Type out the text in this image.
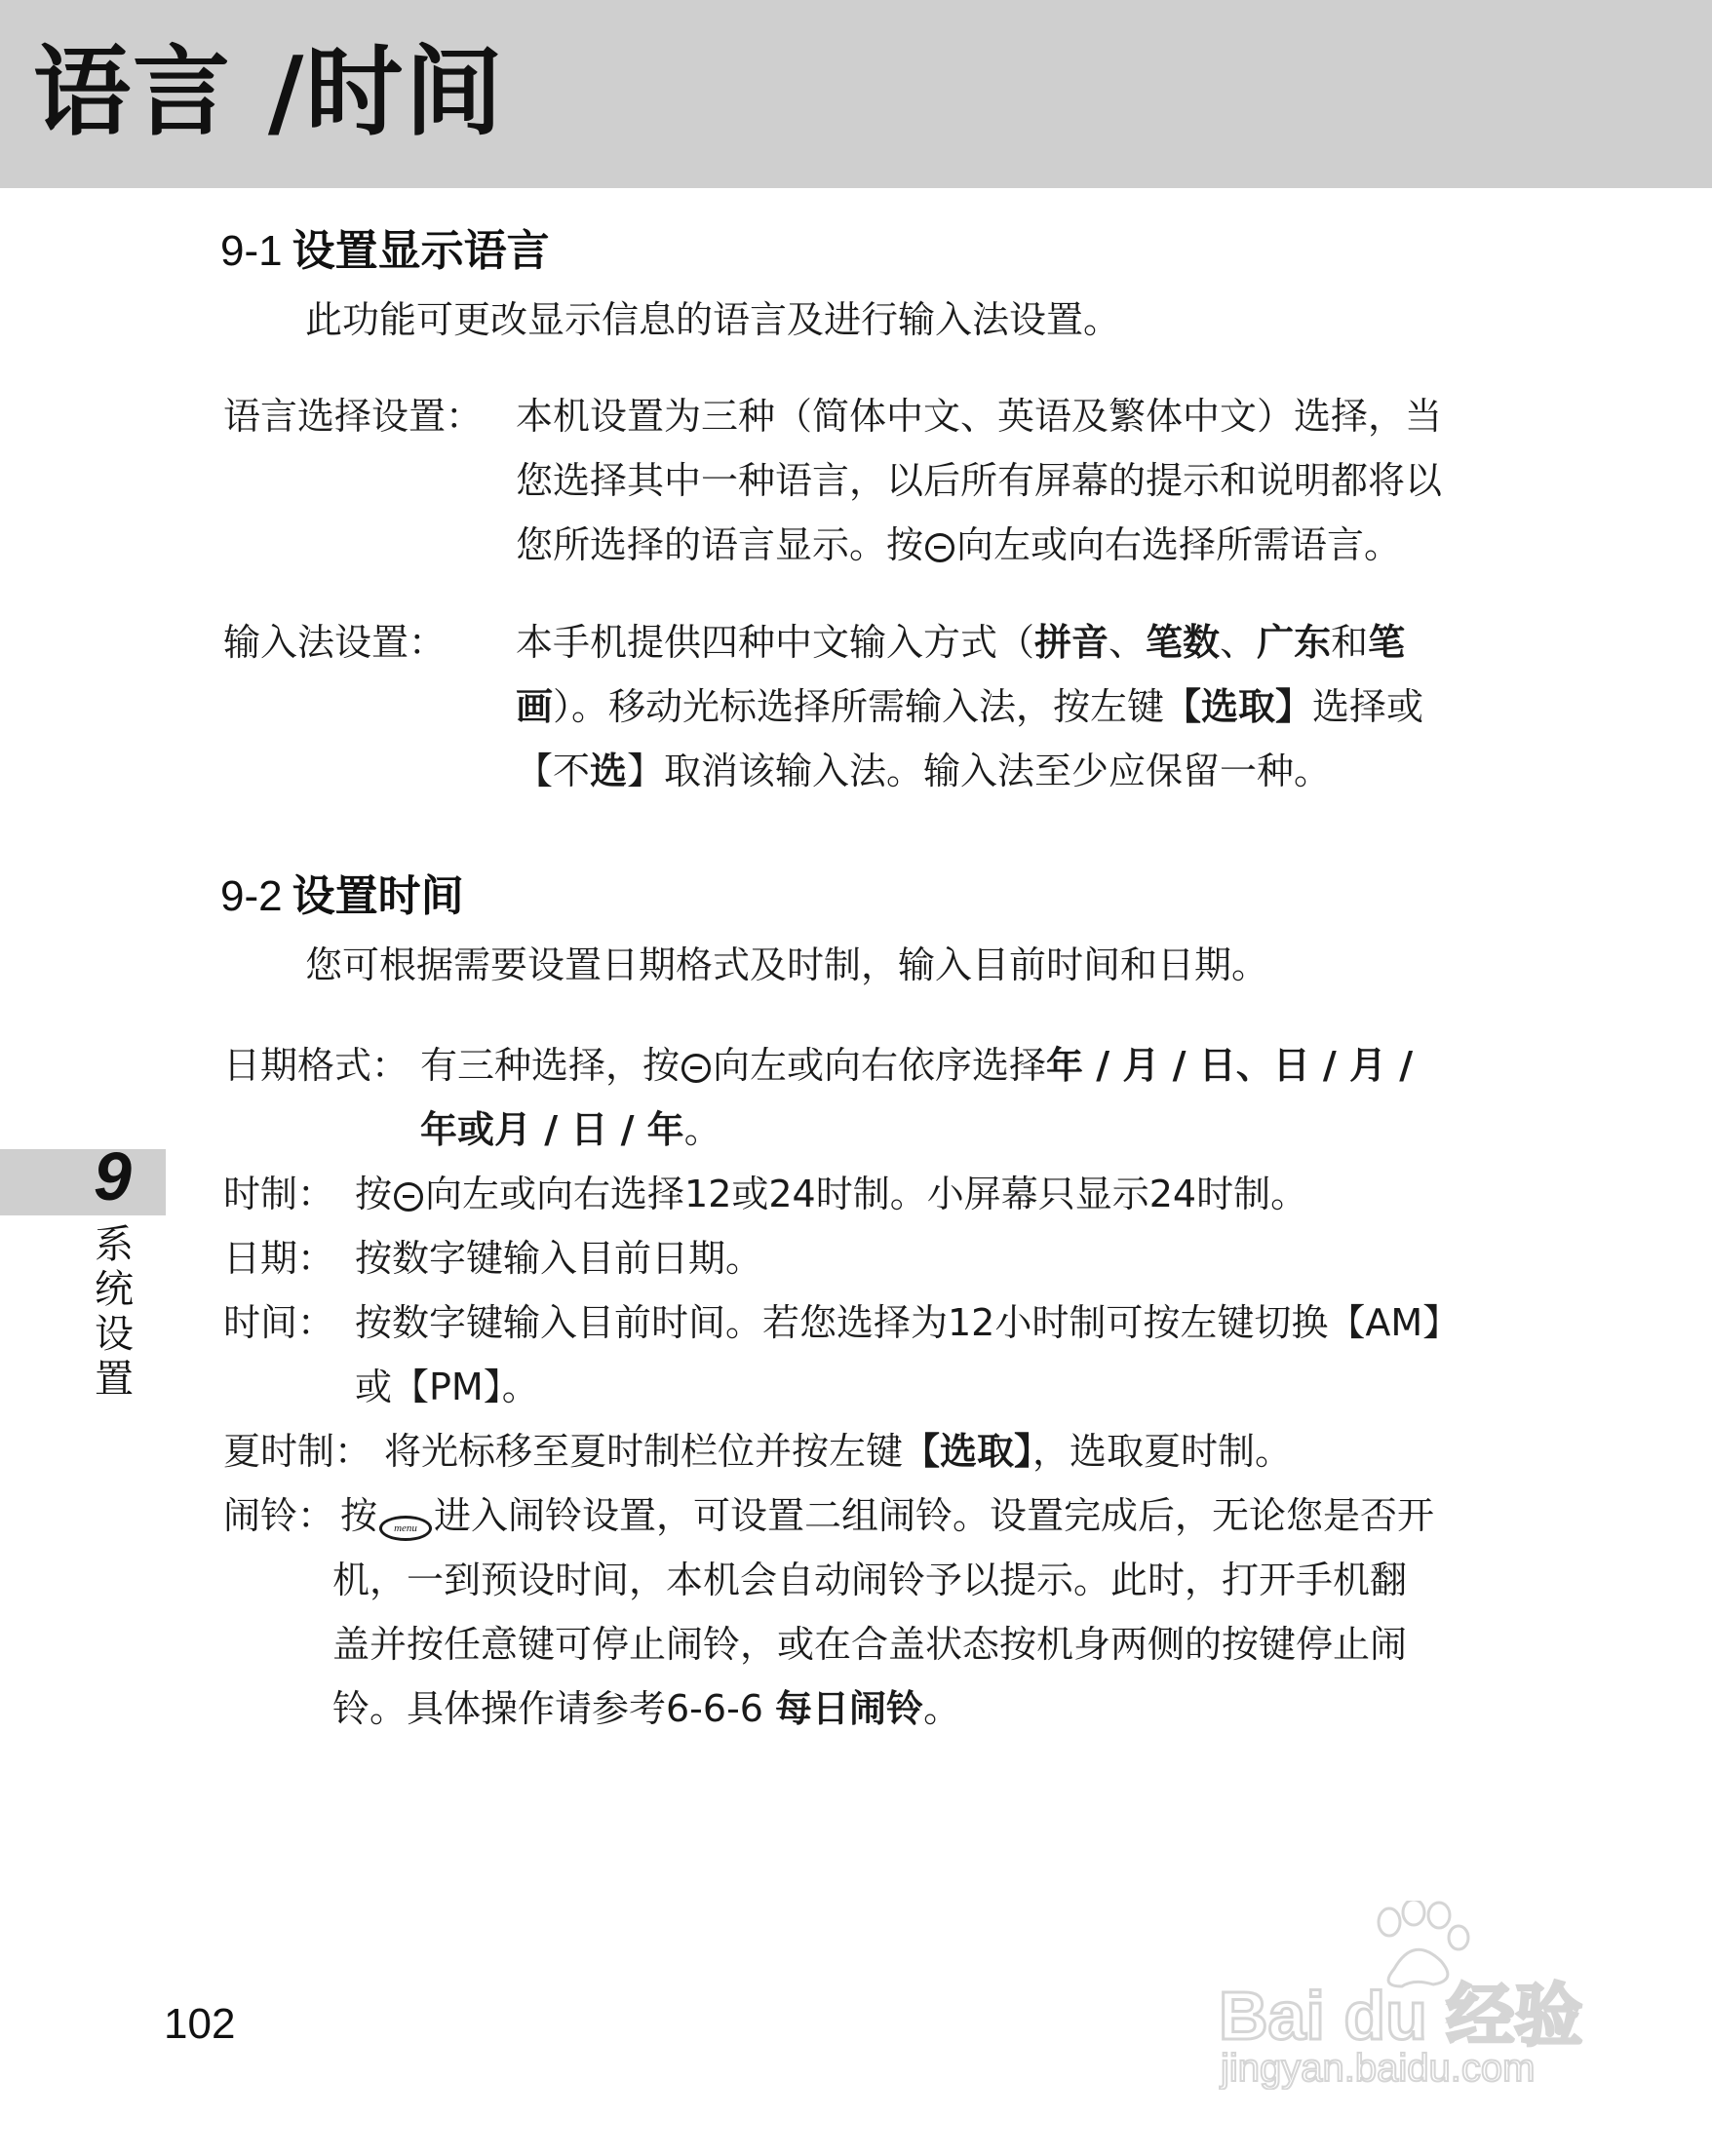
语言 /时间
9-1 设置显示语言
此功能可更改显示信息的语言及进行输入法设置。
语言选择设置： 本机设置为三种（简体中文、英语及繁体中文）选择，当
您选择其中一种语言，以后所有屏幕的提示和说明都将以
您所选择的语言显示。按 向左或向右选择所需语言。
输入法设置： 本手机提供四种中文输入方式（拼音、笔数、广东和笔
画）。移动光标选择所需输入法，按左键【选取】选择或
【不选】取消该输入法。输入法至少应保留一种。
9-2 设置时间
您可根据需要设置日期格式及时制，输入目前时间和日期。
日期格式： 有三种选择，按 向左或向右依序选择年 / 月 / 日、日 / 月 /
年或月 / 日 / 年。
时制： 按 向左或向右选择12或24时制。小屏幕只显示24时制。
日期： 按数字键输入目前日期。
时间： 按数字键输入目前时间。若您选择为12小时制可按左键切换【AM】
或【PM】。
夏时制： 将光标移至夏时制栏位并按左键【选取】，选取夏时制。
闹铃： 按 menu 进入闹铃设置，可设置二组闹铃。设置完成后，无论您是否开
机，一到预设时间，本机会自动闹铃予以提示。此时，打开手机翻
盖并按任意键可停止闹铃，或在合盖状态按机身两侧的按键停止闹
铃。具体操作请参考6-6-6 每日闹铃。
9
系统设置
102	Bai du 经验
jingyan.baidu.com
